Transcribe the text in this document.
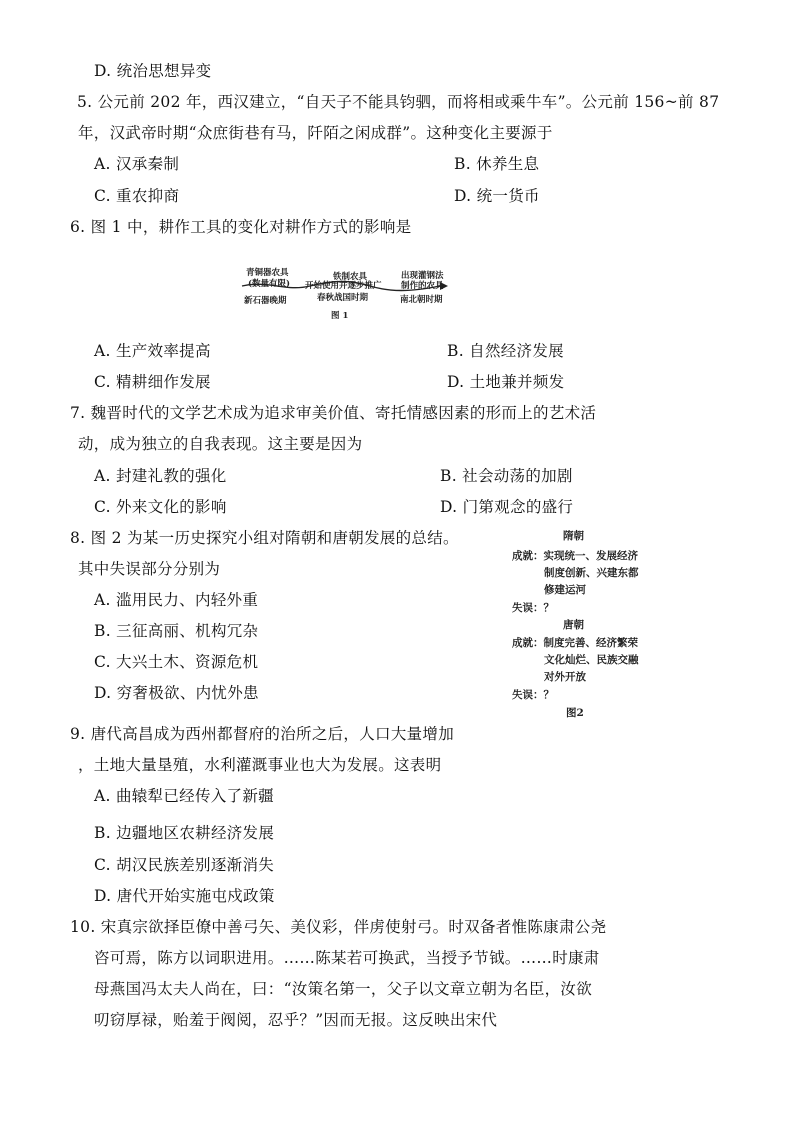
D. 统治思想异变
5. 公元前 202 年，西汉建立，“自天子不能具钧驷，而将相或乘牛车”。公元前 156~前 87
年，汉武帝时期“众庶街巷有马，阡陌之闲成群”。这种变化主要源于
A. 汉承秦制	B. 休养生息
C. 重农抑商	D. 统一货币
6. 图 1 中，耕作工具的变化对耕作方式的影响是
青铜器农具
(数量有限)
铁制农具
开始使用并逐步推广
出现灌钢法
制作的农具
新石器晚期	春秋战国时期	南北朝时期
图 1
A. 生产效率提高	B. 自然经济发展
C. 精耕细作发展	D. 土地兼并频发
7. 魏晋时代的文学艺术成为追求审美价值、寄托情感因素的形而上的艺术活
动，成为独立的自我表现。这主要是因为
A. 封建礼教的强化	B. 社会动荡的加剧
C. 外来文化的影响	D. 门第观念的盛行
8. 图 2 为某一历史探究小组对隋朝和唐朝发展的总结。
其中失误部分分别为
A. 滥用民力、内轻外重
B. 三征高丽、机构冗杂
C. 大兴土木、资源危机
D. 穷奢极欲、内忧外患
隋朝
成就：实现统一、发展经济
制度创新、兴建东都
修建运河
失误：？
唐朝
成就：制度完善、经济繁荣
文化灿烂、民族交融
对外开放
失误：？
图2
9. 唐代高昌成为西州都督府的治所之后，人口大量增加
，土地大量垦殖，水利灌溉事业也大为发展。这表明
A. 曲辕犁已经传入了新疆
B. 边疆地区农耕经济发展
C. 胡汉民族差别逐渐消失
D. 唐代开始实施屯戍政策
10. 宋真宗欲择臣僚中善弓矢、美仪彩，伴虏使射弓。时双备者惟陈康肃公尧
咨可焉，陈方以词职进用。……陈某若可换武，当授予节钺。……时康肃
母燕国冯太夫人尚在，曰：“汝策名第一，父子以文章立朝为名臣，汝欲
叨窃厚禄，贻羞于阀阅，忍乎？”因而无报。这反映出宋代
